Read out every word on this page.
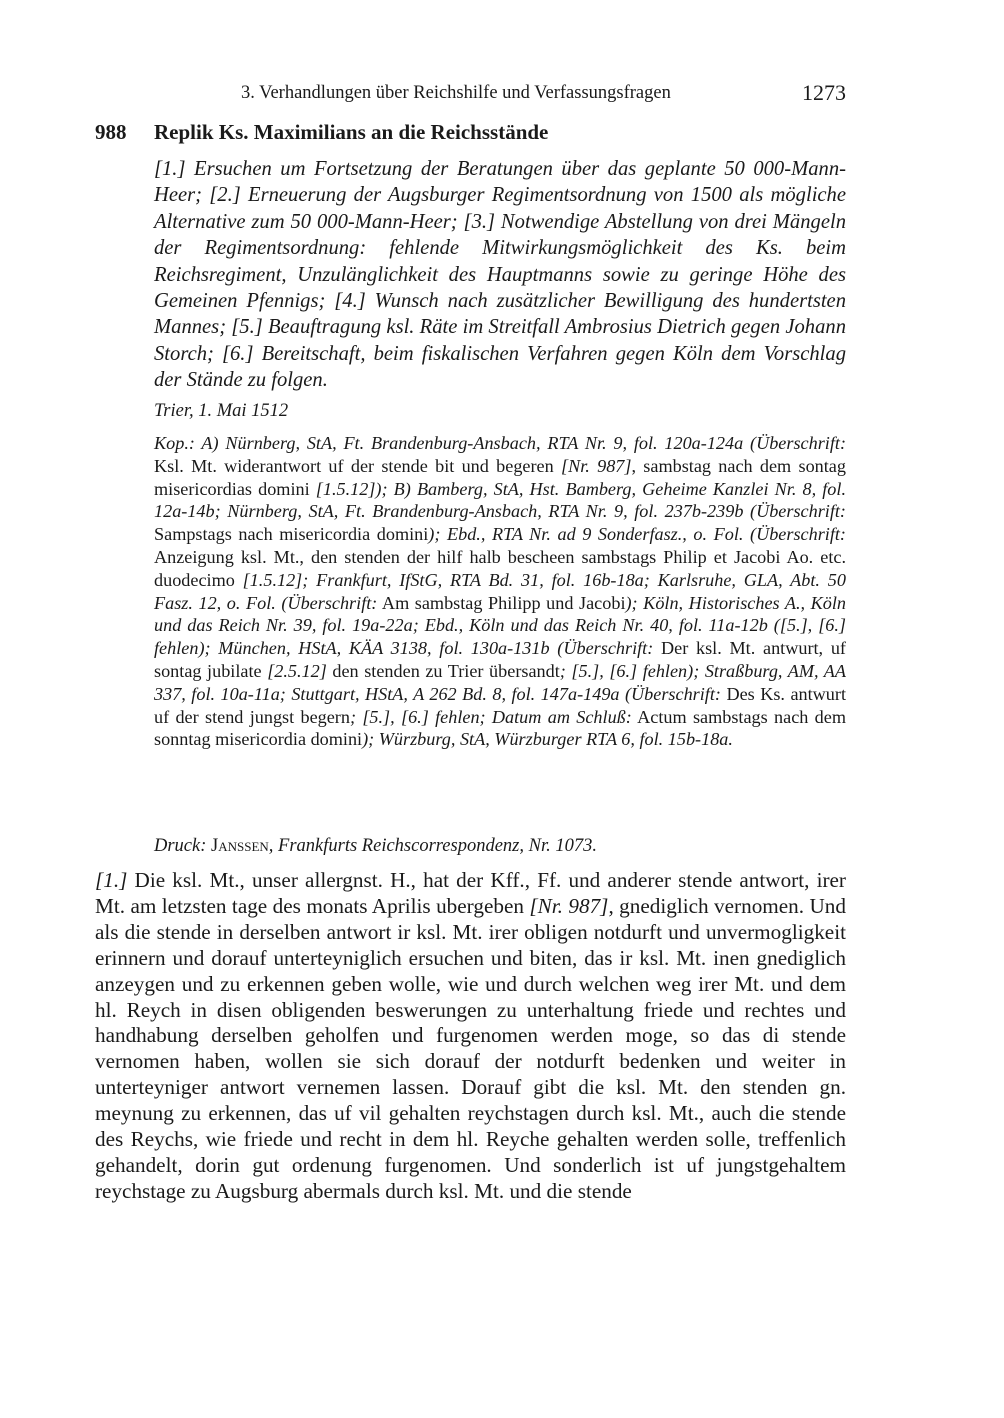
3. Verhandlungen über Reichshilfe und Verfassungsfragen	1273
988 Replik Ks. Maximilians an die Reichsstände

[1.] Ersuchen um Fortsetzung der Beratungen über das geplante 50 000-Mann-Heer; [2.] Erneuerung der Augsburger Regimentsordnung von 1500 als mögliche Alternative zum 50 000-Mann-Heer; [3.] Notwendige Abstellung von drei Mängeln der Regimentsordnung: fehlende Mitwirkungsmöglichkeit des Ks. beim Reichsregiment, Unzulänglichkeit des Hauptmanns sowie zu geringe Höhe des Gemeinen Pfennigs; [4.] Wunsch nach zusätzlicher Bewilligung des hundertsten Mannes; [5.] Beauftragung ksl. Räte im Streitfall Ambrosius Dietrich gegen Johann Storch; [6.] Bereitschaft, beim fiskalischen Verfahren gegen Köln dem Vorschlag der Stände zu folgen.

Trier, 1. Mai 1512

Kop.: A) Nürnberg, StA, Ft. Brandenburg-Ansbach, RTA Nr. 9, fol. 120a-124a (Überschrift: Ksl. Mt. widerantwort uf der stende bit und begeren [Nr. 987], sambstag nach dem sontag misericordias domini [1.5.12]); B) Bamberg, StA, Hst. Bamberg, Geheime Kanzlei Nr. 8, fol. 12a-14b; Nürnberg, StA, Ft. Brandenburg-Ansbach, RTA Nr. 9, fol. 237b-239b (Überschrift: Sampstags nach misericordia domini); Ebd., RTA Nr. ad 9 Sonderfasz., o. Fol. (Überschrift: Anzeigung ksl. Mt., den stenden der hilf halb bescheen sambstags Philip et Jacobi Ao. etc. duodecimo [1.5.12]; Frankfurt, IfStG, RTA Bd. 31, fol. 16b-18a; Karlsruhe, GLA, Abt. 50 Fasz. 12, o. Fol. (Überschrift: Am sambstag Philipp und Jacobi); Köln, Historisches A., Köln und das Reich Nr. 39, fol. 19a-22a; Ebd., Köln und das Reich Nr. 40, fol. 11a-12b ([5.], [6.] fehlen); München, HStA, KÄA 3138, fol. 130a-131b (Überschrift: Der ksl. Mt. antwurt, uf sontag jubilate [2.5.12] den stenden zu Trier übersandt; [5.], [6.] fehlen); Straßburg, AM, AA 337, fol. 10a-11a; Stuttgart, HStA, A 262 Bd. 8, fol. 147a-149a (Überschrift: Des Ks. antwurt uf der stend jungst begern; [5.], [6.] fehlen; Datum am Schluß: Actum sambstags nach dem sonntag misericordia domini); Würzburg, StA, Würzburger RTA 6, fol. 15b-18a.

Druck: Janssen, Frankfurts Reichscorrespondenz, Nr. 1073.

[1.] Die ksl. Mt., unser allergnst. H., hat der Kff., Ff. und anderer stende antwort, irer Mt. am letzsten tage des monats Aprilis ubergeben [Nr. 987], gnediglich vernomen. Und als die stende in derselben antwort ir ksl. Mt. irer obligen notdurft und unvermogligkeit erinnern und dorauf unterteyniglich ersuchen und biten, das ir ksl. Mt. inen gnediglich anzeygen und zu erkennen geben wolle, wie und durch welchen weg irer Mt. und dem hl. Reych in disen obligenden beswerungen zu unterhaltung friede und rechtes und handhabung derselben geholfen und furgenomen werden moge, so das di stende vernomen haben, wollen sie sich dorauf der notdurft bedenken und weiter in unterteyniger antwort vernemen lassen. Dorauf gibt die ksl. Mt. den stenden gn. meynung zu erkennen, das uf vil gehalten reychstagen durch ksl. Mt., auch die stende des Reychs, wie friede und recht in dem hl. Reyche gehalten werden solle, treffenlich gehandelt, dorin gut ordenung furgenomen. Und sonderlich ist uf jungstgehaltem reychstage zu Augsburg abermals durch ksl. Mt. und die stende
